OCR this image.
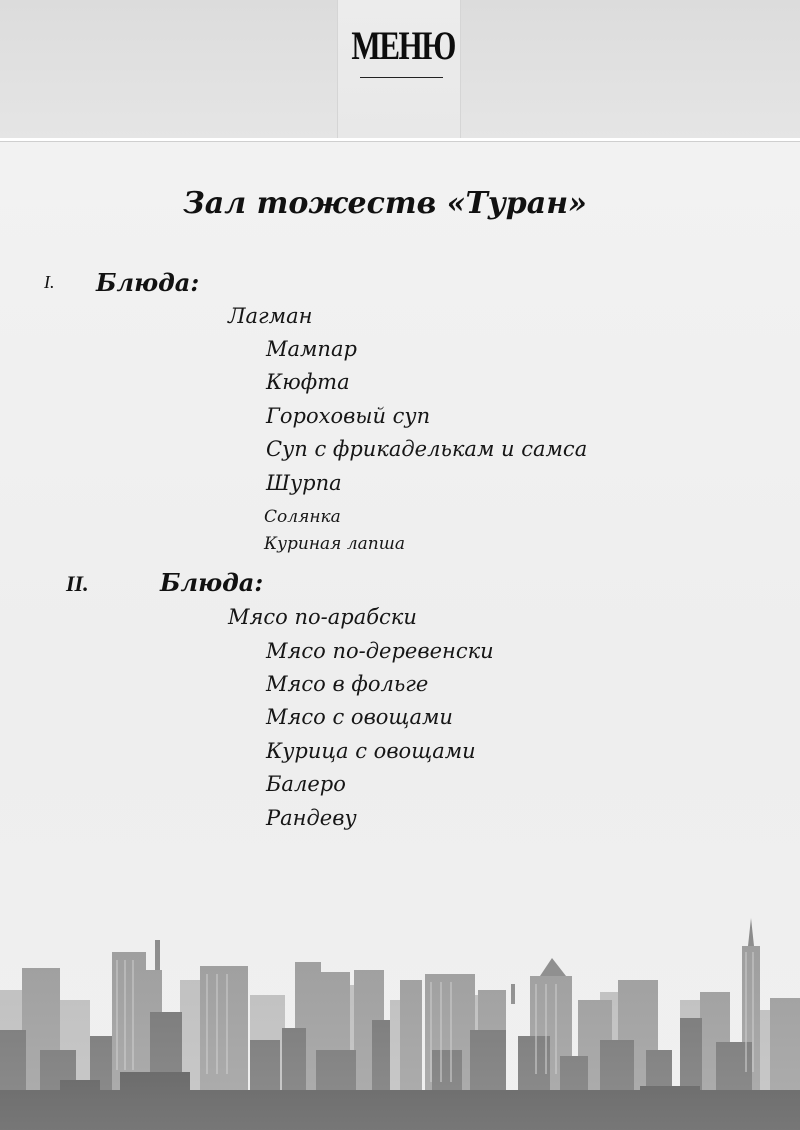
МЕНЮ
Зал тожеств «Туран»
I. Блюда:
Лагман
Мампар
Кюфта
Гороховый суп
Суп с фрикаделькам и самса
Шурпа
Солянка
Куриная лапша
II.	Блюда:
Мясо по-арабски
Мясо по-деревенски
Мясо в фольге
Мясо с овощами
Курица с овощами
Балеро
Рандеву
